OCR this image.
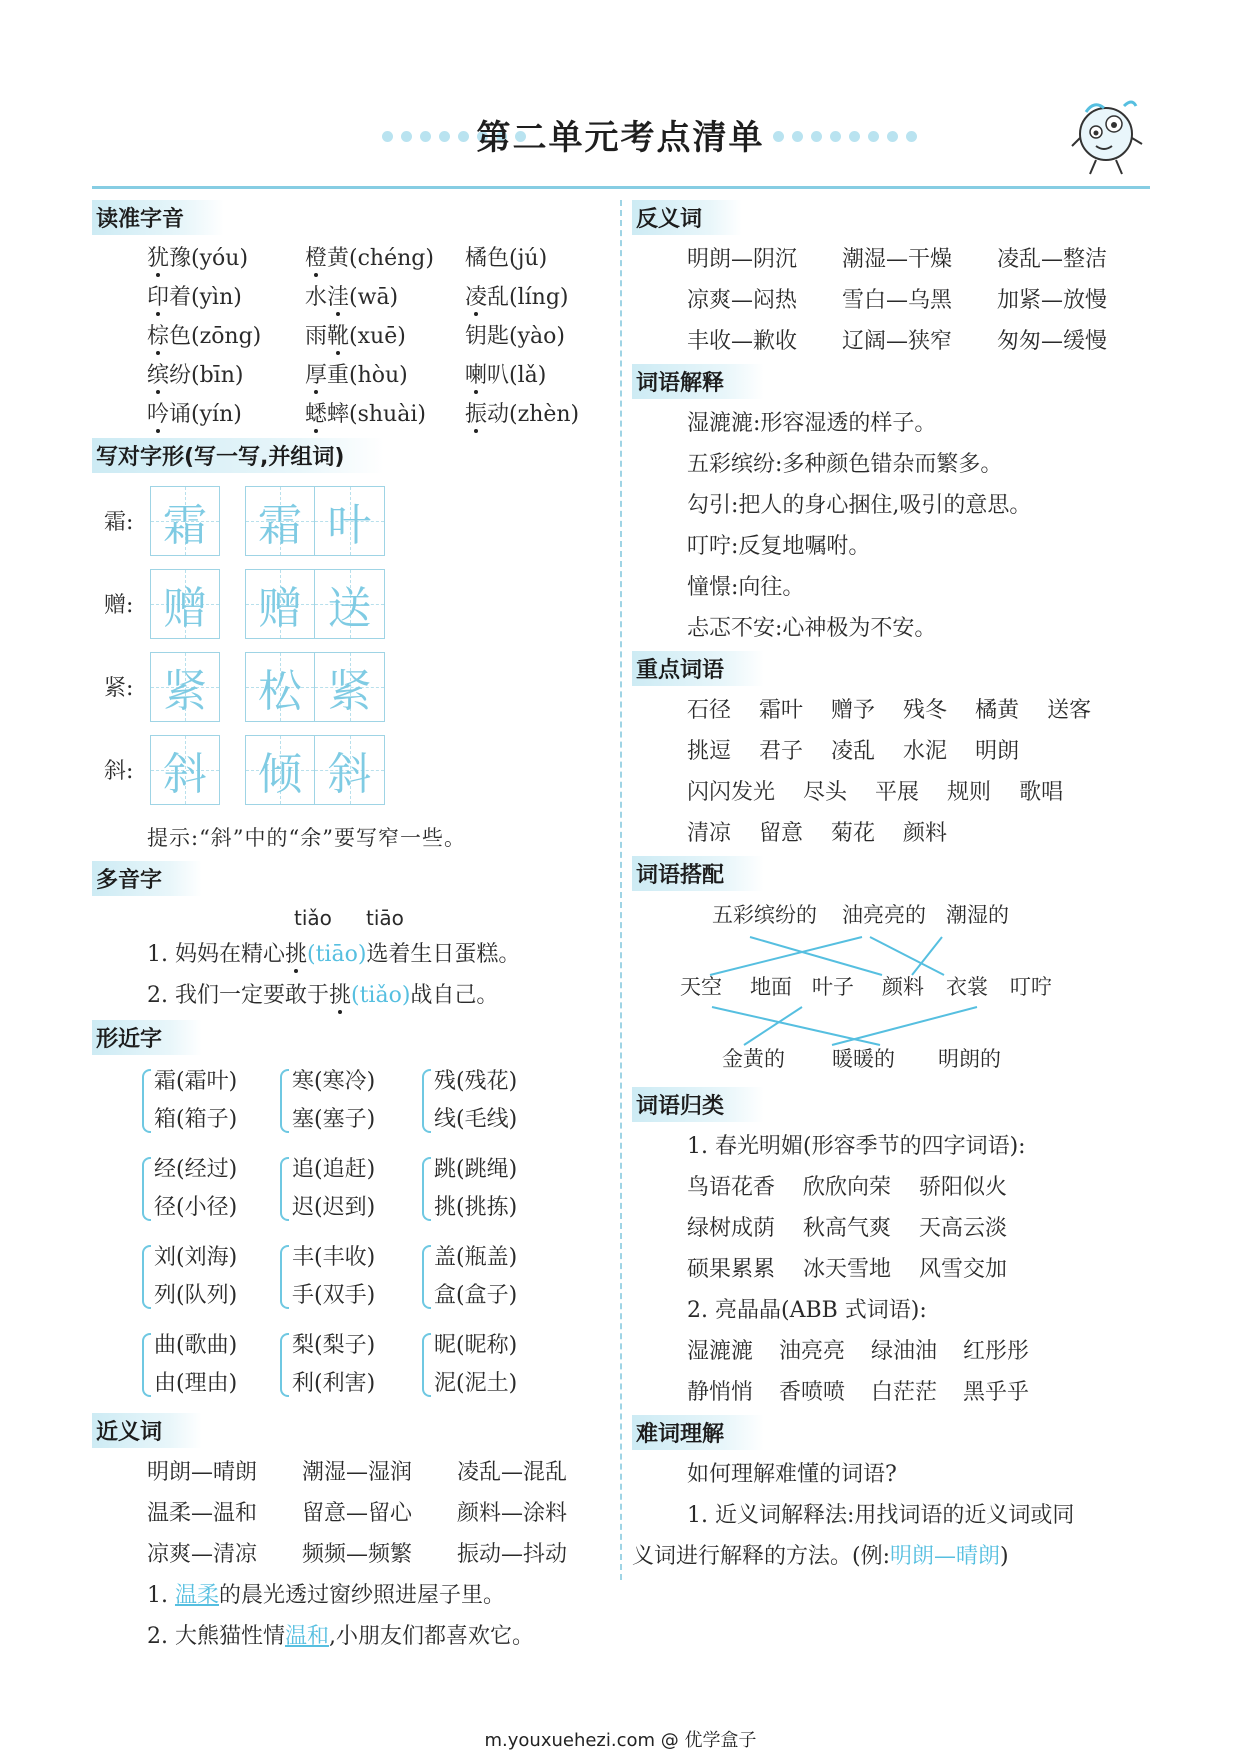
第二单元考点清单
读准字音
犹豫(yóu)	橙黄(chéng)	橘色(jú)
印着(yìn)	水洼(wā)	凌乱(líng)
棕色(zōng)	雨靴(xuē)	钥匙(yào)
缤纷(bīn)	厚重(hòu)	喇叭(lǎ)
吟诵(yín)	蟋蟀(shuài)	振动(zhèn)
写对字形(写一写,并组词)
霜: 霜 霜 叶
赠: 赠 赠 送
紧: 紧 松 紧
斜: 斜 倾 斜
提示:“斜”中的“余”要写窄一些。
多音字
tiǎo tiāo
1. 妈妈在精心挑(tiāo)选着生日蛋糕。
2. 我们一定要敢于挑(tiǎo)战自己。
形近字
霜(霜叶)
箱(箱子)
寒(寒冷)
塞(塞子)
残(残花)
线(毛线)
经(经过)
径(小径)
追(追赶)
迟(迟到)
跳(跳绳)
挑(挑拣)
刘(刘海)
列(队列)
丰(丰收)
手(双手)
盖(瓶盖)
盒(盒子)
曲(歌曲)
由(理由)
梨(梨子)
利(利害)
昵(昵称)
泥(泥土)
近义词
明朗—晴朗	潮湿—湿润	凌乱—混乱
温柔—温和	留意—留心	颜料—涂料
凉爽—清凉	频频—频繁	振动—抖动
1. 温柔的晨光透过窗纱照进屋子里。
2. 大熊猫性情温和,小朋友们都喜欢它。
反义词
明朗—阴沉	潮湿—干燥	凌乱—整洁
凉爽—闷热	雪白—乌黑	加紧—放慢
丰收—歉收	辽阔—狭窄	匆匆—缓慢
词语解释
湿漉漉:形容湿透的样子。
五彩缤纷:多种颜色错杂而繁多。
勾引:把人的身心捆住,吸引的意思。
叮咛:反复地嘱咐。
憧憬:向往。
忐忑不安:心神极为不安。
重点词语
石径 霜叶 赠予 残冬 橘黄 送客
挑逗 君子 凌乱 水泥 明朗
闪闪发光 尽头 平展 规则 歌唱
清凉 留意 菊花 颜料
词语搭配
五彩缤纷的 油亮亮的 潮湿的
天空 地面 叶子 颜料 衣裳 叮咛
金黄的 暖暖的 明朗的
词语归类
1. 春光明媚(形容季节的四字词语):
鸟语花香 欣欣向荣 骄阳似火
绿树成荫 秋高气爽 天高云淡
硕果累累 冰天雪地 风雪交加
2. 亮晶晶(ABB 式词语):
湿漉漉 油亮亮 绿油油 红彤彤
静悄悄 香喷喷 白茫茫 黑乎乎
难词理解
如何理解难懂的词语?
1. 近义词解释法:用找词语的近义词或同
义词进行解释的方法。(例:明朗—晴朗)
m.youxuehezi.com @ 优学盒子
